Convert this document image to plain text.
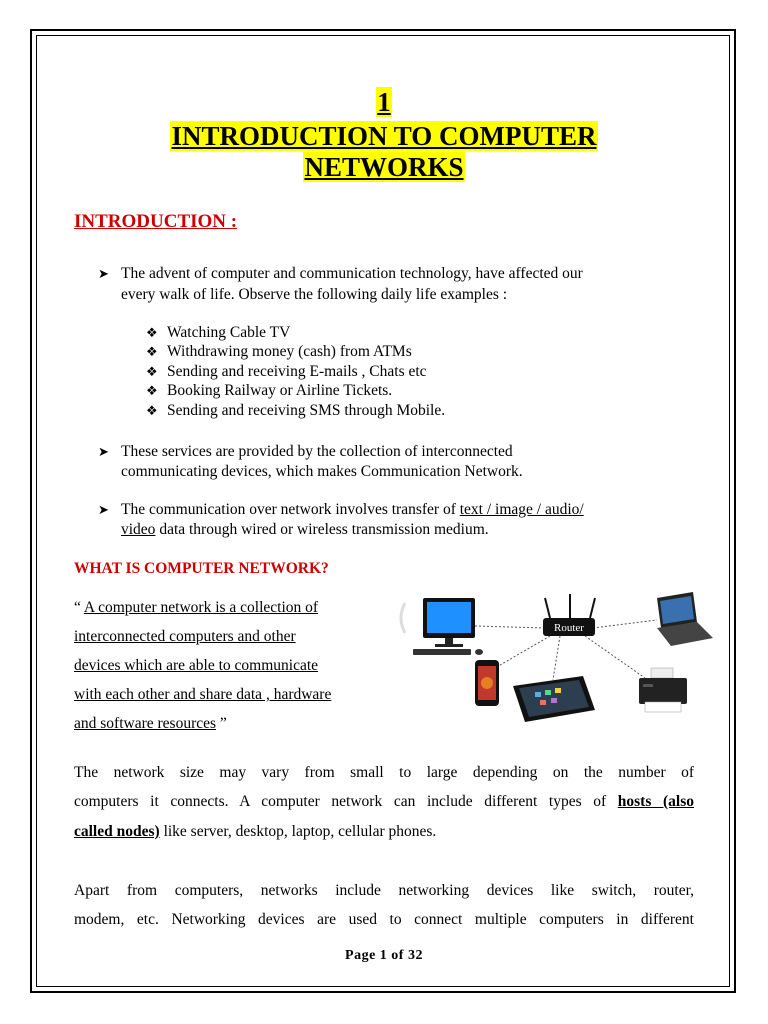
1
INTRODUCTION TO COMPUTER
NETWORKS
INTRODUCTION :
➤ The advent of computer and communication technology, have affected our
every walk of life. Observe the following daily life examples :
❖ Watching Cable TV
❖ Withdrawing money (cash) from ATMs
❖ Sending and receiving E-mails , Chats etc
❖ Booking Railway or Airline Tickets.
❖ Sending and receiving SMS through Mobile.
➤ These services are provided by the collection of interconnected
communicating devices, which makes Communication Network.
➤ The communication over network involves transfer of text / image / audio/
video data through wired or wireless transmission medium.
WHAT IS COMPUTER NETWORK?
“ A computer network is a collection of
interconnected computers and other
devices which are able to communicate
with each other and share data , hardware
and software resources ”
Router
The network size may vary from small to large depending on the number of
computers it connects. A computer network can include different types of hosts (also
called nodes) like server, desktop, laptop, cellular phones.
Apart from computers, networks include networking devices like switch, router,
modem, etc. Networking devices are used to connect multiple computers in different
Page 1 of 32
